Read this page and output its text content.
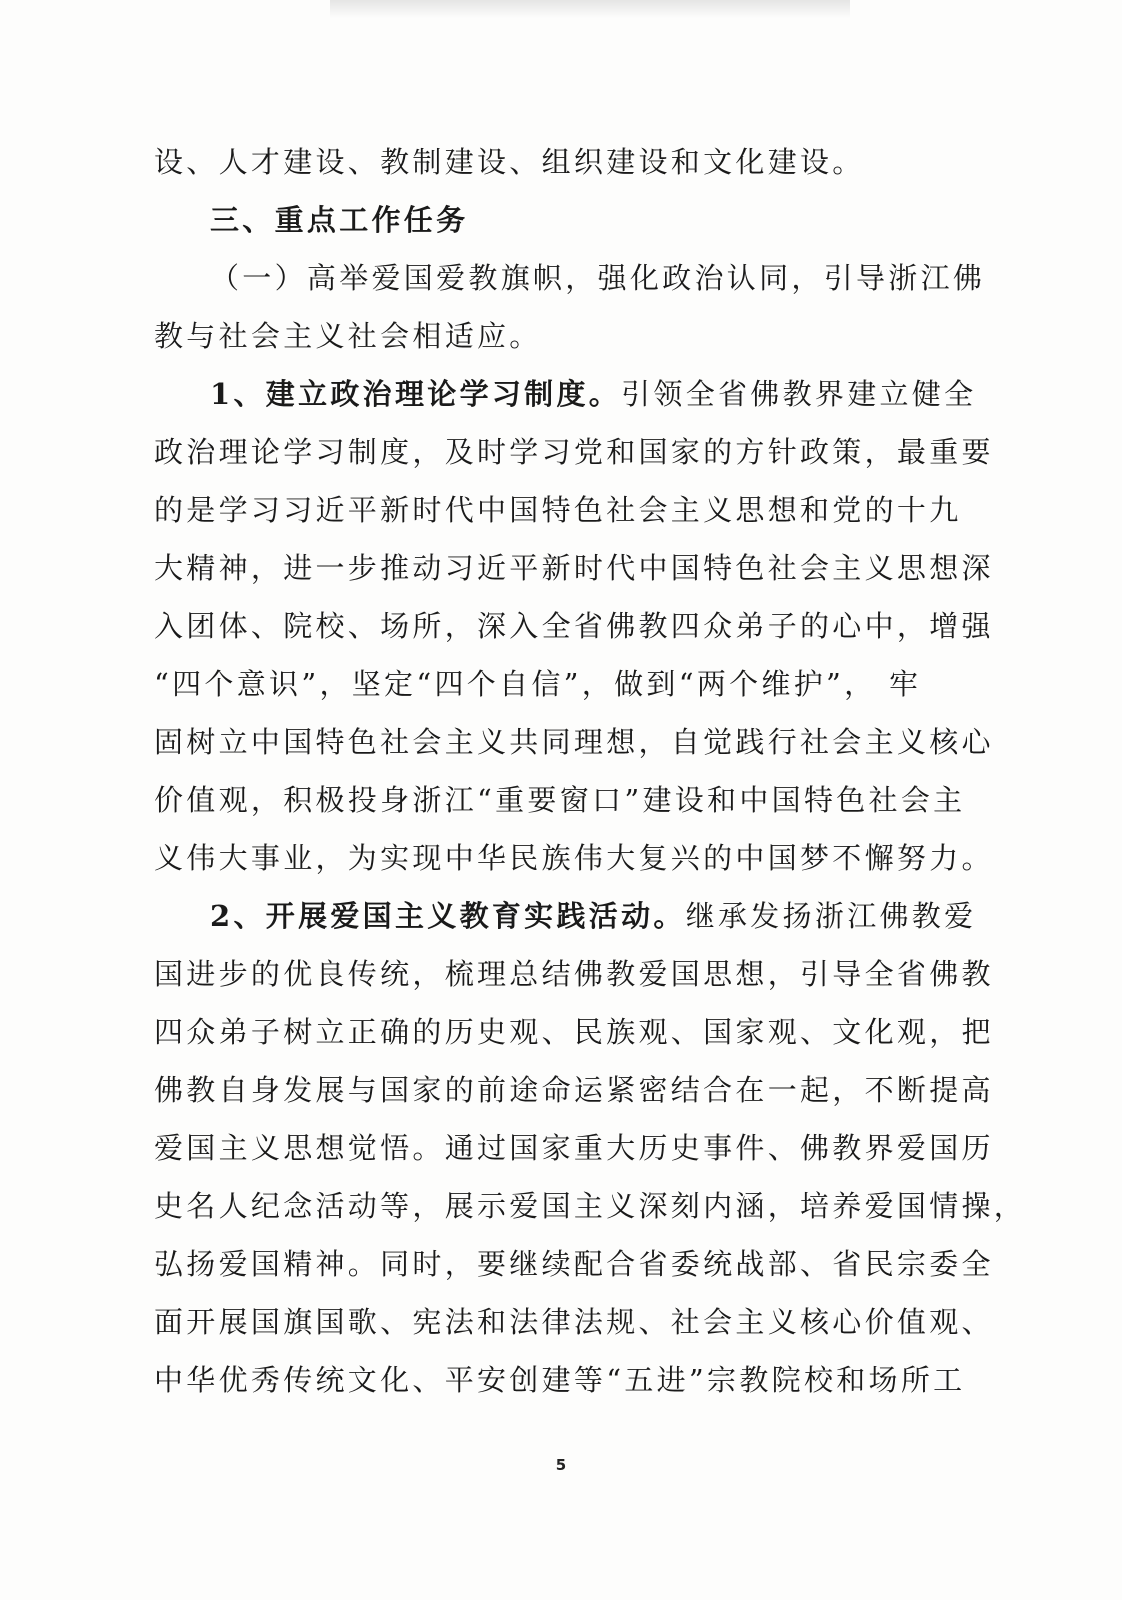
设、人才建设、教制建设、组织建设和文化建设。
三、重点工作任务
（一）高举爱国爱教旗帜，强化政治认同，引导浙江佛
教与社会主义社会相适应。
1、建立政治理论学习制度。引领全省佛教界建立健全
政治理论学习制度，及时学习党和国家的方针政策，最重要
的是学习习近平新时代中国特色社会主义思想和党的十九
大精神，进一步推动习近平新时代中国特色社会主义思想深
入团体、院校、场所，深入全省佛教四众弟子的心中，增强
“四个意识”，坚定“四个自信”，做到“两个维护”， 牢
固树立中国特色社会主义共同理想，自觉践行社会主义核心
价值观，积极投身浙江“重要窗口”建设和中国特色社会主
义伟大事业，为实现中华民族伟大复兴的中国梦不懈努力。
2、开展爱国主义教育实践活动。继承发扬浙江佛教爱
国进步的优良传统，梳理总结佛教爱国思想，引导全省佛教
四众弟子树立正确的历史观、民族观、国家观、文化观，把
佛教自身发展与国家的前途命运紧密结合在一起，不断提高
爱国主义思想觉悟。通过国家重大历史事件、佛教界爱国历
史名人纪念活动等，展示爱国主义深刻内涵，培养爱国情操，
弘扬爱国精神。同时，要继续配合省委统战部、省民宗委全
面开展国旗国歌、宪法和法律法规、社会主义核心价值观、
中华优秀传统文化、平安创建等“五进”宗教院校和场所工
5
